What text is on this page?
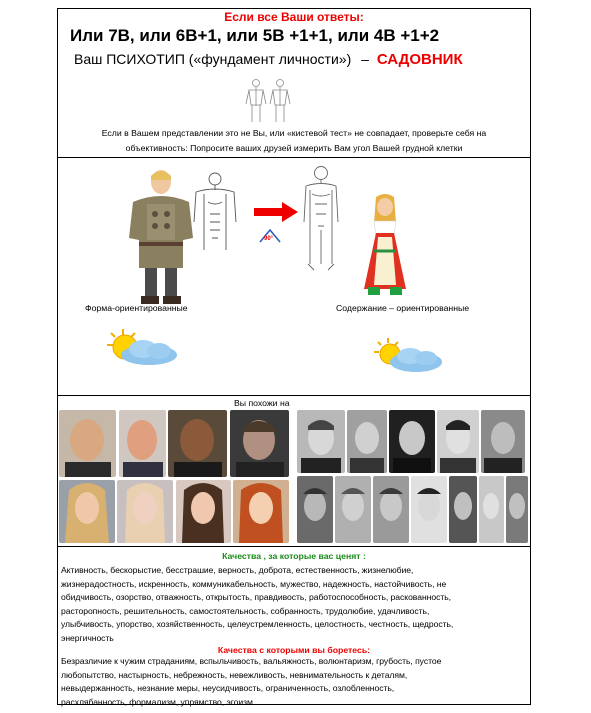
Если все Ваши ответы:
Или 7В, или 6В+1, или 5В +1+1, или 4В +1+2
Ваш ПСИХОТИП («фундамент личности») – САДОВНИК
Если в Вашем представлении это не Вы, или «кистевой тест» не совпадает, проверьте себя на
объективность: Попросите ваших друзей измерить Вам угол Вашей грудной клетки
90°
Форма-ориентированные	Содержание – ориентированные
Вы похожи на
Качества , за которые вас ценят :
Активность, бескорыстие, бесстрашие, верность, доброта, естественность, жизнелюбие,
жизнерадостность, искренность, коммуникабельность, мужество, надежность, настойчивость, не
обидчивость, озорство, отважность, открытость, правдивость, работоспособность, раскованность,
расторопность, решительность, самостоятельность, собранность, трудолюбие, удачливость,
улыбчивость, упорство, хозяйственность, целеустремленность, целостность, честность, щедрость,
энергичность
Качества с которыми вы боретесь:
Безразличие к чужим страданиям, вспыльчивость, вальяжность, волюнтаризм, грубость, пустое
любопытство, настырность, небрежность, невежливость, невнимательность к деталям,
невыдержанность, незнание меры, неусидчивость, ограниченность, озлобленность,
расхлябанность, формализм, упрямство, эгоизм
